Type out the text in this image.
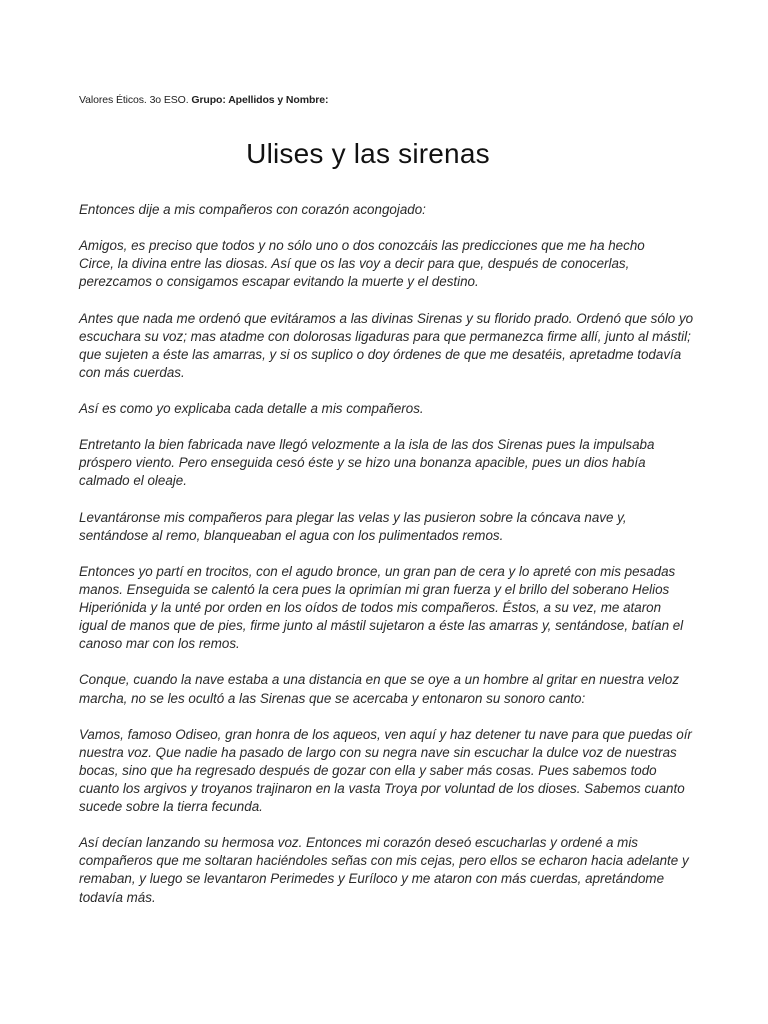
Valores Éticos. 3o ESO. Grupo: Apellidos y Nombre:
Ulises y las sirenas

Entonces dije a mis compañeros con corazón acongojado:

Amigos, es preciso que todos y no sólo uno o dos conozcáis las predicciones que me ha hecho
Circe, la divina entre las diosas. Así que os las voy a decir para que, después de conocerlas,
perezcamos o consigamos escapar evitando la muerte y el destino.

Antes que nada me ordenó que evitáramos a las divinas Sirenas y su florido prado. Ordenó que sólo yo
escuchara su voz; mas atadme con dolorosas ligaduras para que permanezca firme allí, junto al mástil;
que sujeten a éste las amarras, y si os suplico o doy órdenes de que me desatéis, apretadme todavía
con más cuerdas.

Así es como yo explicaba cada detalle a mis compañeros.

Entretanto la bien fabricada nave llegó velozmente a la isla de las dos Sirenas pues la impulsaba
próspero viento. Pero enseguida cesó éste y se hizo una bonanza apacible, pues un dios había
calmado el oleaje.

Levantáronse mis compañeros para plegar las velas y las pusieron sobre la cóncava nave y,
sentándose al remo, blanqueaban el agua con los pulimentados remos.

Entonces yo partí en trocitos, con el agudo bronce, un gran pan de cera y lo apreté con mis pesadas
manos. Enseguida se calentó la cera pues la oprimían mi gran fuerza y el brillo del soberano Helios
Hiperiónida y la unté por orden en los oídos de todos mis compañeros. Éstos, a su vez, me ataron
igual de manos que de pies, firme junto al mástil sujetaron a éste las amarras y, sentándose, batían el
canoso mar con los remos.

Conque, cuando la nave estaba a una distancia en que se oye a un hombre al gritar en nuestra veloz
marcha, no se les ocultó a las Sirenas que se acercaba y entonaron su sonoro canto:

Vamos, famoso Odiseo, gran honra de los aqueos, ven aquí y haz detener tu nave para que puedas oír
nuestra voz. Que nadie ha pasado de largo con su negra nave sin escuchar la dulce voz de nuestras
bocas, sino que ha regresado después de gozar con ella y saber más cosas. Pues sabemos todo
cuanto los argivos y troyanos trajinaron en la vasta Troya por voluntad de los dioses. Sabemos cuanto
sucede sobre la tierra fecunda.

Así decían lanzando su hermosa voz. Entonces mi corazón deseó escucharlas y ordené a mis
compañeros que me soltaran haciéndoles señas con mis cejas, pero ellos se echaron hacia adelante y
remaban, y luego se levantaron Perimedes y Euríloco y me ataron con más cuerdas, apretándome
todavía más.
